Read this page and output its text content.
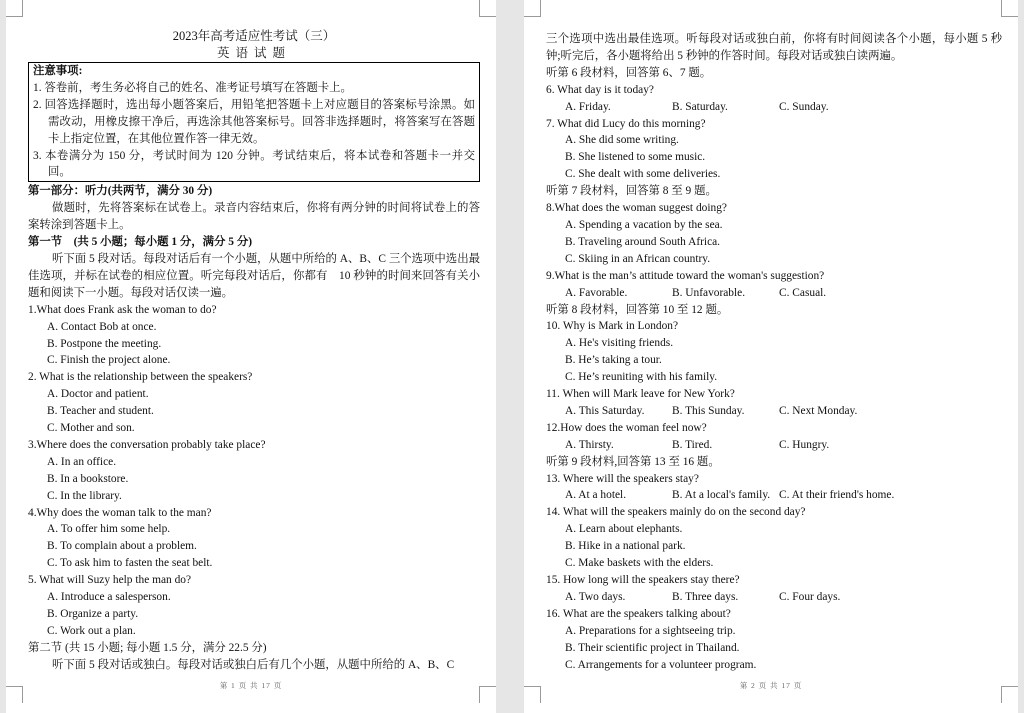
2023年高考适应性考试（三）
英语试题
注意事项:
1. 答卷前，考生务必将自己的姓名、准考证号填写在答题卡上。
2. 回答选择题时，选出每小题答案后，用铅笔把答题卡上对应题目的答案标号涂黑。如需改动，用橡皮擦干净后，再选涂其他答案标号。回答非选择题时，将答案写在答题卡上指定位置，在其他位置作答一律无效。
3. 本卷满分为 150 分，考试时间为 120 分钟。考试结束后，将本试卷和答题卡一并交回。
第一部分：听力(共两节，满分 30 分)
做题时，先将答案标在试卷上。录音内容结束后，你将有两分钟的时间将试卷上的答案转涂到答题卡上。
第一节　(共 5 小题；每小题 1 分，满分 5 分)
听下面 5 段对话。每段对话后有一个小题，从题中所给的 A、B、C 三个选项中选出最佳选项，并标在试卷的相应位置。听完每段对话后，你都有　10 秒钟的时间来回答有关小题和阅读下一小题。每段对话仅读一遍。
1.What does Frank ask the woman to do?
A. Contact Bob at once.
B. Postpone the meeting.
C. Finish the project alone.
2. What is the relationship between the speakers?
A. Doctor and patient.
B. Teacher and student.
C. Mother and son.
3.Where does the conversation probably take place?
A. In an office.
B. In a bookstore.
C. In the library.
4.Why does the woman talk to the man?
A. To offer him some help.
B. To complain about a problem.
C. To ask him to fasten the seat belt.
5. What will Suzy help the man do?
A. Introduce a salesperson.
B. Organize a party.
C. Work out a plan.
第二节 (共 15 小题; 每小题 1.5 分，满分 22.5 分)
听下面 5 段对话或独白。每段对话或独白后有几个小题，从题中所给的 A、B、C
第 1 页 共 17 页
三个选项中选出最佳选项。听每段对话或独白前，你将有时间阅读各个小题，每小题 5 秒钟;听完后，各小题将给出 5 秒钟的作答时间。每段对话或独白读两遍。
听第 6 段材料，回答第 6、7 题。
6. What day is it today?
A. Friday.	B. Saturday.	C. Sunday.
7. What did Lucy do this morning?
A. She did some writing.
B. She listened to some music.
C. She dealt with some deliveries.
听第 7 段材料，回答第 8 至 9 题。
8.What does the woman suggest doing?
A. Spending a vacation by the sea.
B. Traveling around South Africa.
C. Skiing in an African country.
9.What is the man’s attitude toward the woman's suggestion?
A. Favorable.	B. Unfavorable.	C. Casual.
听第 8 段材料，回答第 10 至 12 题。
10. Why is Mark in London?
A. He's visiting friends.
B. He’s taking a tour.
C. He’s reuniting with his family.
11. When will Mark leave for New York?
A. This Saturday.	B. This Sunday.	C. Next Monday.
12.How does the woman feel now?
A. Thirsty.	B. Tired.	C. Hungry.
听第 9 段材料,回答第 13 至 16 题。
13. Where will the speakers stay?
A. At a hotel.	B. At a local's family. C. At their friend's home.
14. What will the speakers mainly do on the second day?
A. Learn about elephants.
B. Hike in a national park.
C. Make baskets with the elders.
15. How long will the speakers stay there?
A. Two days.	B. Three days.	C. Four days.
16. What are the speakers talking about?
A. Preparations for a sightseeing trip.
B. Their scientific project in Thailand.
C. Arrangements for a volunteer program.
第 2 页 共 17 页
